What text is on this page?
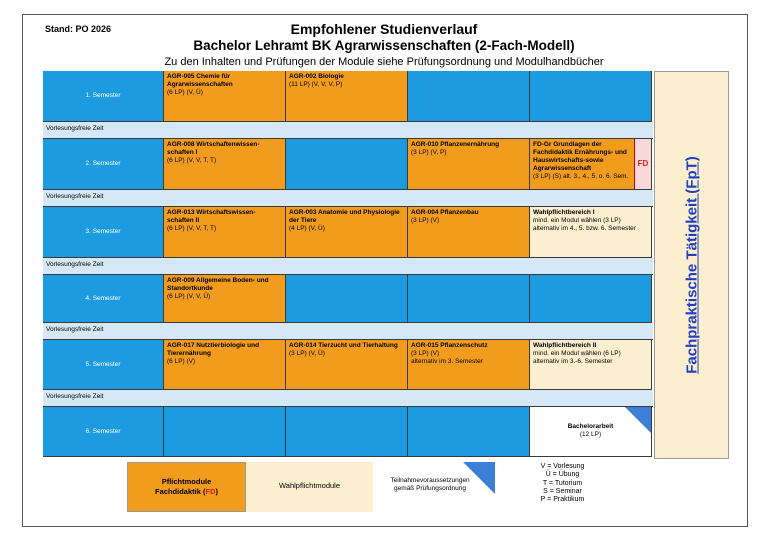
Stand: PO 2026	Empfohlener Studienverlauf
Bachelor Lehramt BK Agrarwissenschaften (2-Fach-Modell)
Zu den Inhalten und Prüfungen der Module siehe Prüfungsordnung und Modulhandbücher
1. Semester
AGR-005 Chemie für Agrarwissenschaften
(6 LP) (V, Ü)
AGR-002 Biologie
(11 LP) (V, V, V, P)
Vorlesungsfreie Zeit
2. Semester
AGR-008 Wirtschaftenwissen-schaften I
(6 LP) (V, V, T, T)
AGR-010 Pflanzenernährung
(3 LP) (V, P)
FD-Gr Grundlagen der Fachdidaktik Ernährungs- und Hauswirtschafts-sowie Agrarwissenschaft
(3 LP) (S) alt. 3., 4., 5. o. 6. Sem.
FD
Vorlesungsfreie Zeit
3. Semester
AGR-013 Wirtschaftswissen-schaften II
(6 LP) (V, V, T, T)
AGR-003 Anatomie und Physiologie der Tiere
(4 LP) (V, Ü)
AGR-004 Pflanzenbau
(3 LP) (V)
Wahlpflichtbereich I
mind. ein Modul wählen (3 LP)
alternativ im 4., 5. bzw. 6. Semester
Vorlesungsfreie Zeit
4. Semester
AGR-009 Allgemeine Boden- und Standortkunde
(6 LP) (V, V, Ü)
Vorlesungsfreie Zeit
5. Semester
AGR-017 Nutztierbiologie und Tierernährung
(6 LP) (V)
AGR-014 Tierzucht und Tierhaltung
(3 LP) (V, Ü)
AGR-015 Pflanzenschutz
(3 LP) (V)
alternativ im 3. Semester
Wahlpflichtbereich II
mind. ein Modul wählen (6 LP)
alternativ im 3.-6. Semester
Vorlesungsfreie Zeit
6. Semester
Bachelorarbeit
(12 LP)
Fachpraktische Tätigkeit (FpT)
Pflichtmodule
Fachdidaktik (FD)
Wahlpflichtmodule
Teilnahmevoraussetzungen gemäß Prüfungsordnung
V = Vorlesung
Ü = Übung
T = Tutorium
S = Seminar
P = Praktikum
